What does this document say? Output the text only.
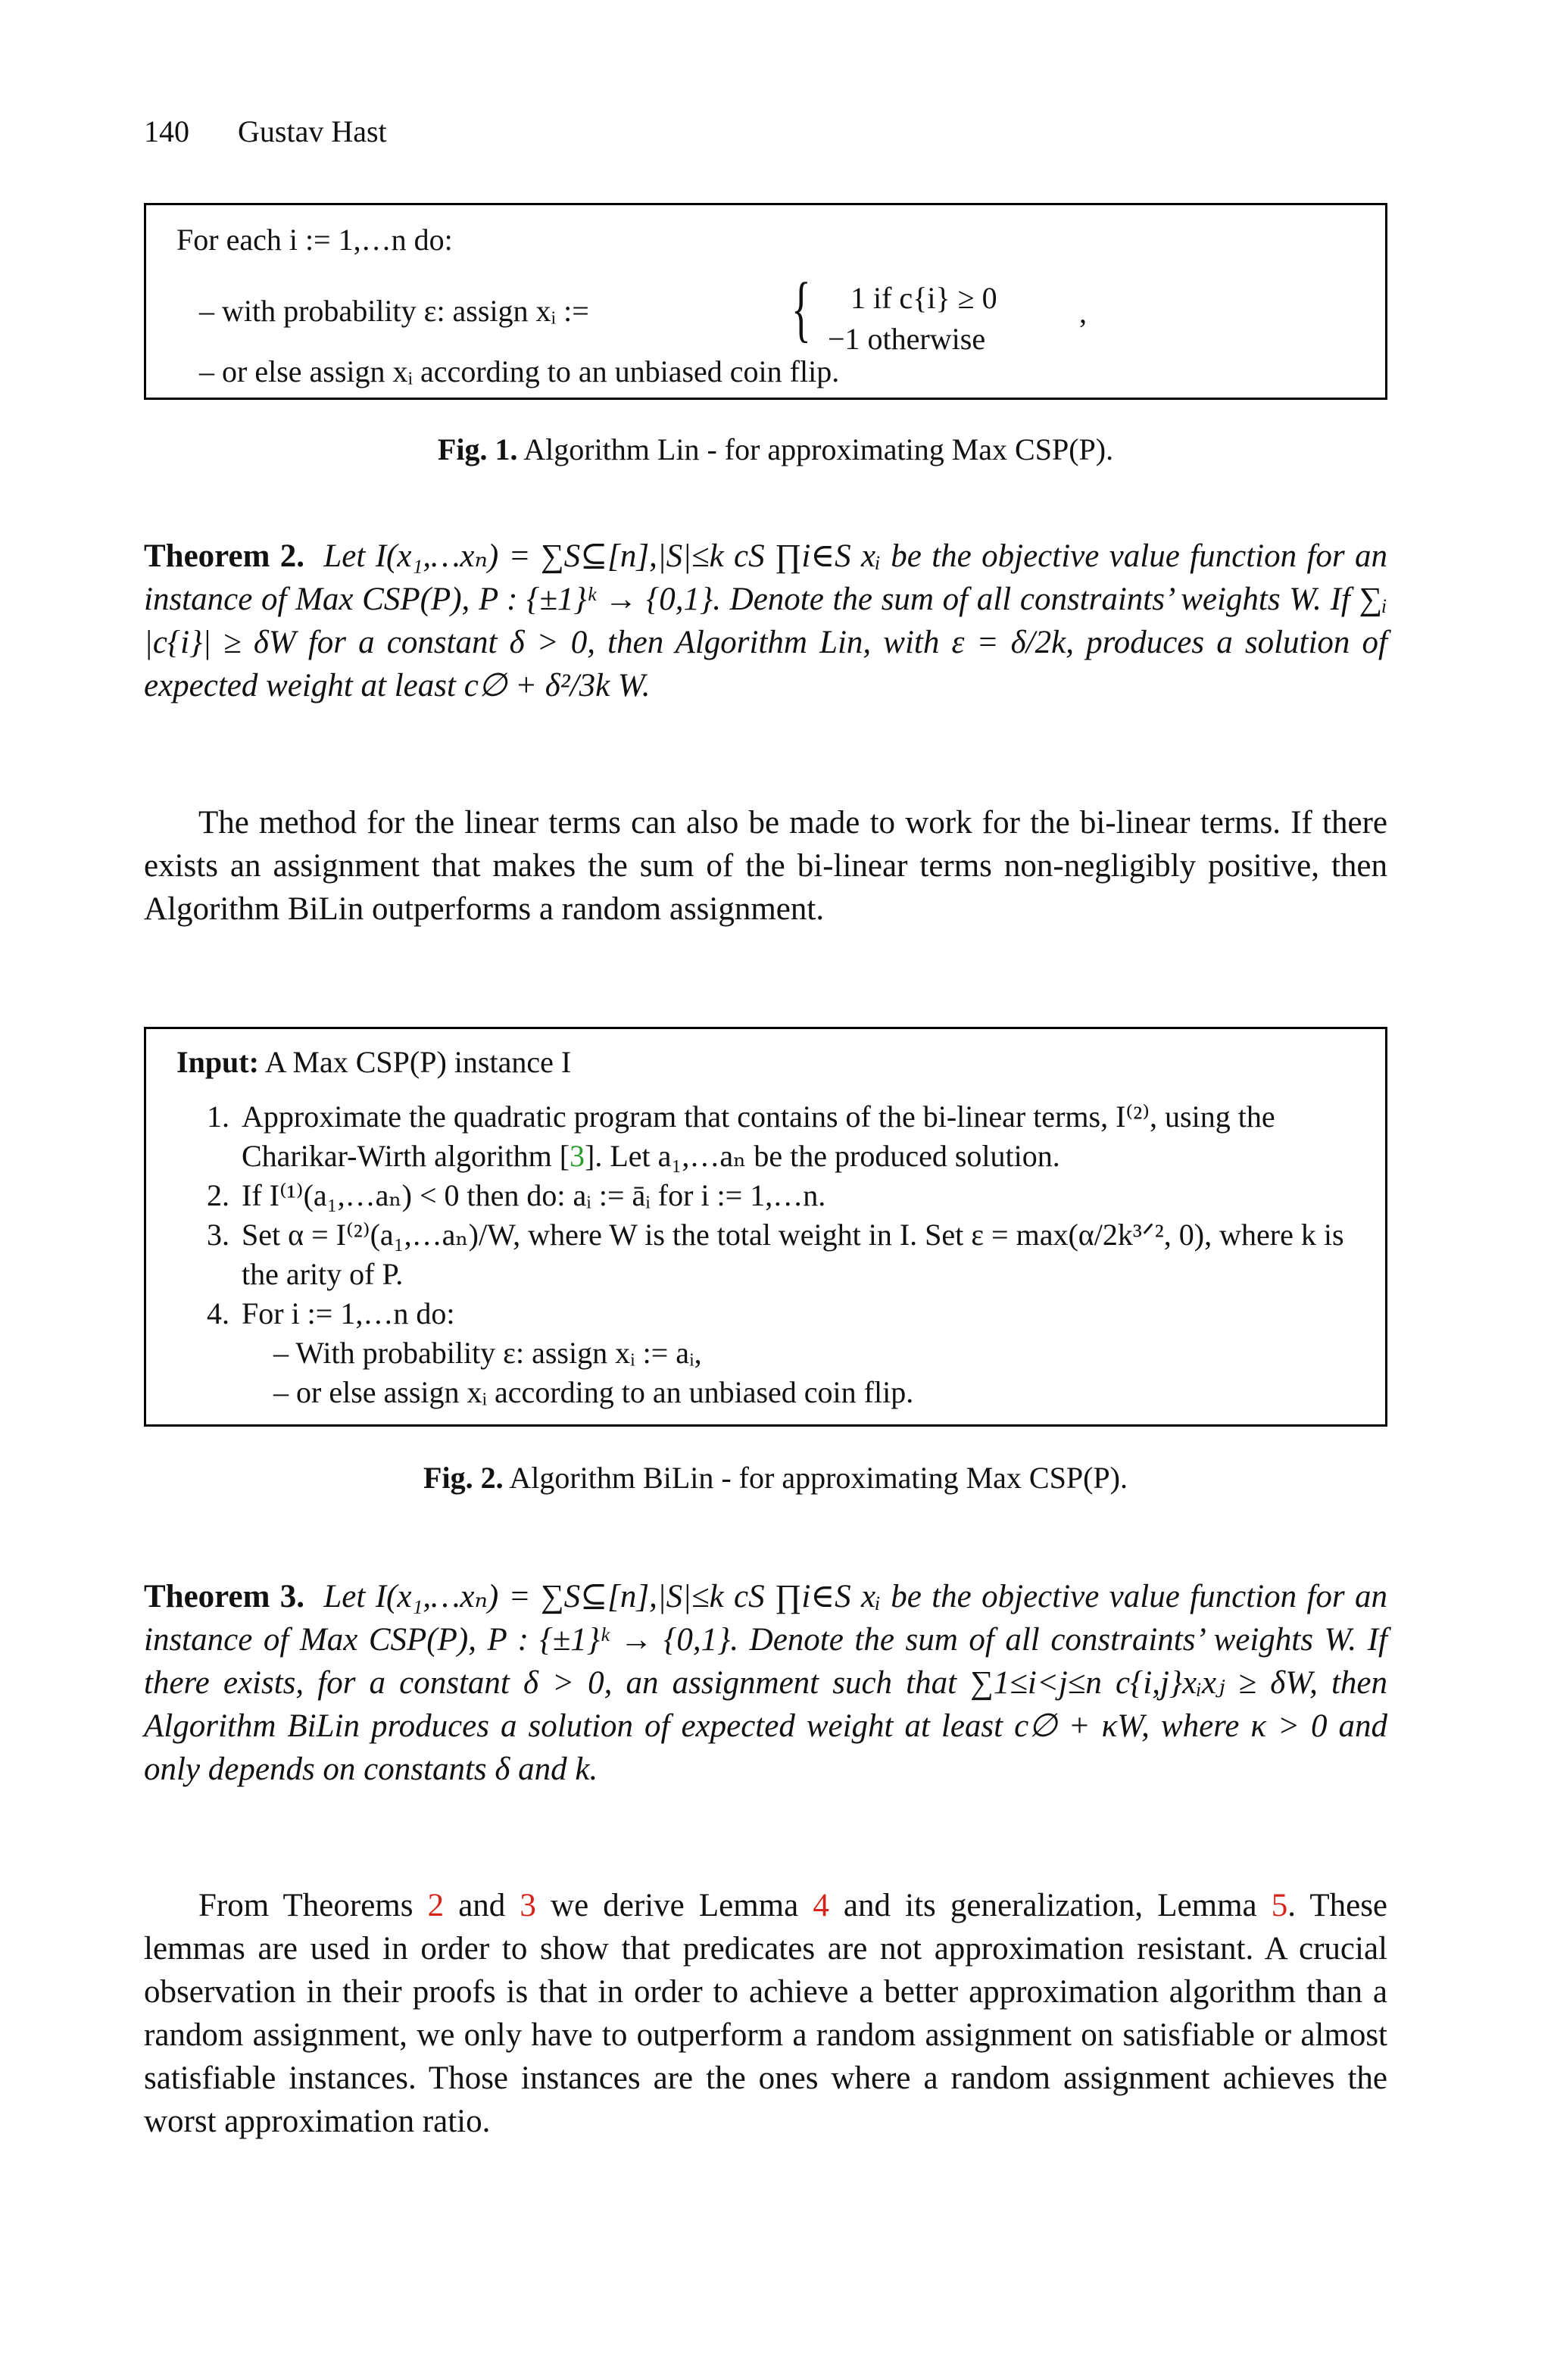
140 Gustav Hast
For each i := 1,…n do:
– with probability ε: assign xᵢ :=	{	1 if c{i} ≥ 0
−1 otherwise
,
– or else assign xᵢ according to an unbiased coin flip.
Fig. 1. Algorithm Lin - for approximating Max CSP(P).
Theorem 2. Let I(x₁,…xₙ) = ∑S⊆[n],|S|≤k cS ∏i∈S xᵢ be the objective value function for an instance of Max CSP(P), P : {±1}ᵏ → {0,1}. Denote the sum of all constraints’ weights W. If ∑ᵢ |c{i}| ≥ δW for a constant δ > 0, then Algorithm Lin, with ε = δ/2k, produces a solution of expected weight at least c∅ + δ²/3k W.
The method for the linear terms can also be made to work for the bi-linear terms. If there exists an assignment that makes the sum of the bi-linear terms non-negligibly positive, then Algorithm BiLin outperforms a random assignment.
Input: A Max CSP(P) instance I
1. Approximate the quadratic program that contains of the bi-linear terms, I⁽²⁾, using the Charikar-Wirth algorithm [3]. Let a₁,…aₙ be the produced solution.
2. If I⁽¹⁾(a₁,…aₙ) < 0 then do: aᵢ := āᵢ for i := 1,…n.
3. Set α = I⁽²⁾(a₁,…aₙ)/W, where W is the total weight in I. Set ε = max(α/2k³ᐟ², 0), where k is the arity of P.
4. For i := 1,…n do:
– With probability ε: assign xᵢ := aᵢ,
– or else assign xᵢ according to an unbiased coin flip.
Fig. 2. Algorithm BiLin - for approximating Max CSP(P).
Theorem 3. Let I(x₁,…xₙ) = ∑S⊆[n],|S|≤k cS ∏i∈S xᵢ be the objective value function for an instance of Max CSP(P), P : {±1}ᵏ → {0,1}. Denote the sum of all constraints’ weights W. If there exists, for a constant δ > 0, an assignment such that ∑1≤i<j≤n c{i,j}xᵢxⱼ ≥ δW, then Algorithm BiLin produces a solution of expected weight at least c∅ + κW, where κ > 0 and only depends on constants δ and k.
From Theorems 2 and 3 we derive Lemma 4 and its generalization, Lemma 5. These lemmas are used in order to show that predicates are not approximation resistant. A crucial observation in their proofs is that in order to achieve a better approximation algorithm than a random assignment, we only have to outperform a random assignment on satisfiable or almost satisfiable instances. Those instances are the ones where a random assignment achieves the worst approximation ratio.
